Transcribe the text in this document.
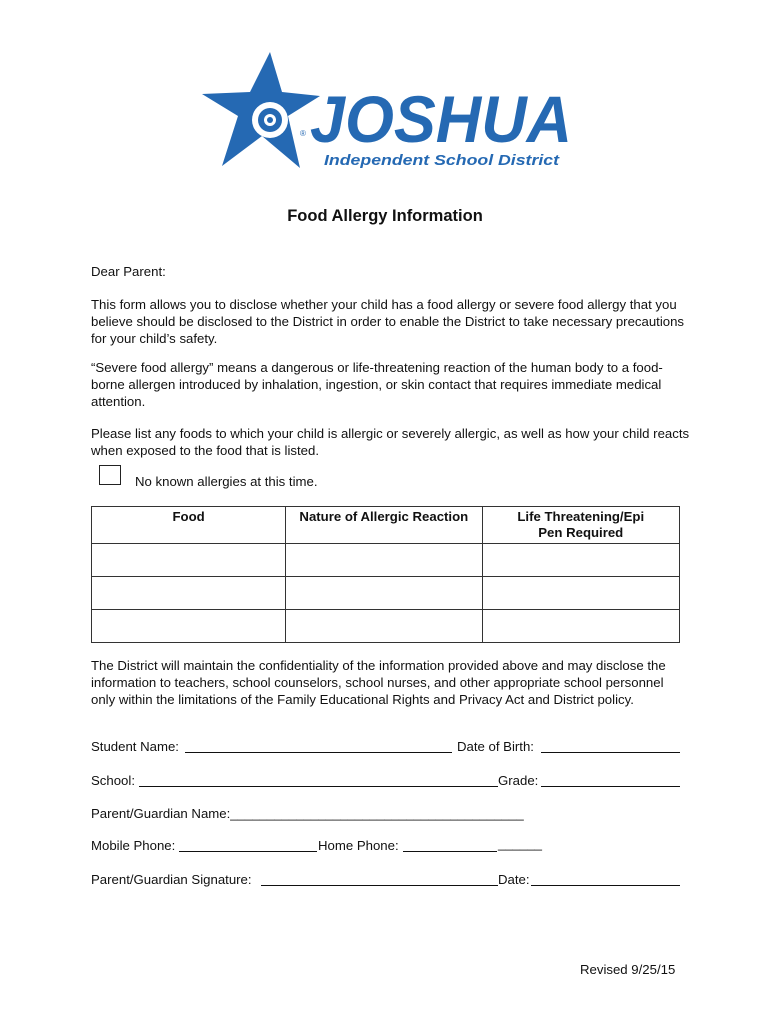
® JOSHUA
Independent School District
Food Allergy Information

Dear Parent:

This form allows you to disclose whether your child has a food allergy or severe food allergy that you believe should be disclosed to the District in order to enable the District to take necessary precautions for your child’s safety.

“Severe food allergy” means a dangerous or life-threatening reaction of the human body to a food-borne allergen introduced by inhalation, ingestion, or skin contact that requires immediate medical attention.

Please list any foods to which your child is allergic or severely allergic, as well as how your child reacts when exposed to the food that is listed.

No known allergies at this time.
Food	Nature of Allergic Reaction	Life Threatening/Epi Pen Required

The District will maintain the confidentiality of the information provided above and may disclose the information to teachers, school counselors, school nurses, and other appropriate school personnel only within the limitations of the Family Educational Rights and Privacy Act and District policy.

Student Name:	Date of Birth:
School:	Grade:
Parent/Guardian Name:________________________________________
Mobile Phone:	Home Phone:	______
Parent/Guardian Signature:	Date:
Revised 9/25/15
